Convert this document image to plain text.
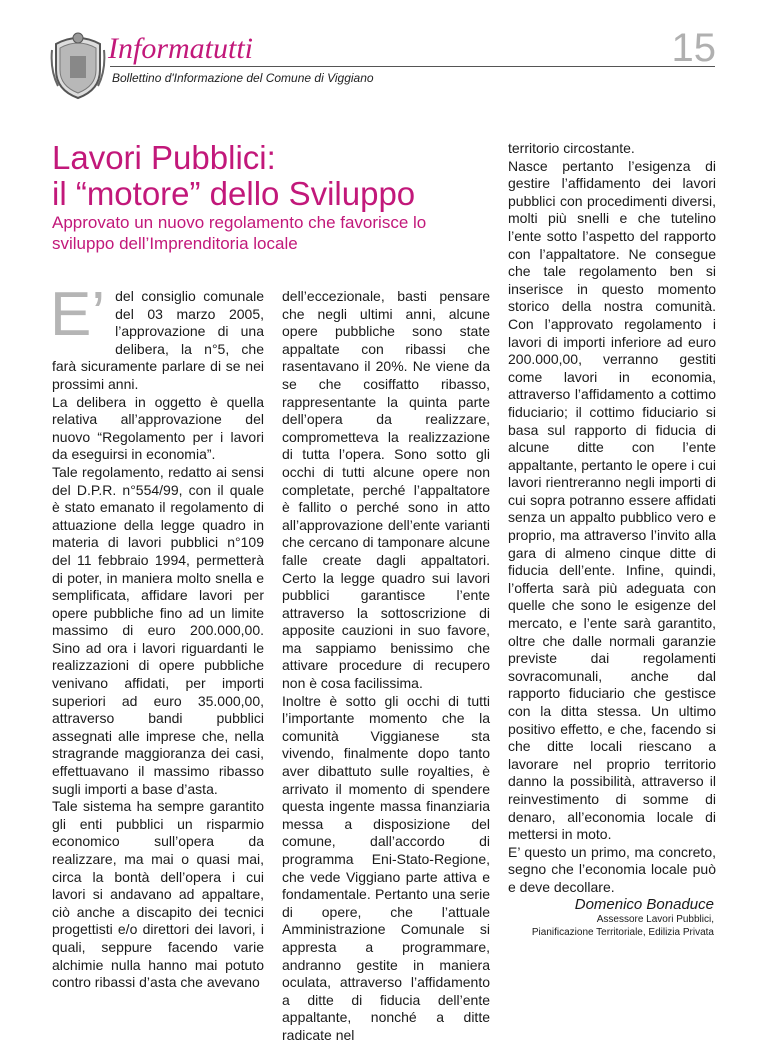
Informatutti
Bollettino d'Informazione del Comune di Viggiano
15
Lavori Pubblici:
il “motore” dello Sviluppo
Approvato un nuovo regolamento che favorisce lo sviluppo dell’Imprenditoria locale
E’ del consiglio comunale del 03 marzo 2005, l’approvazione di una delibera, la n°5, che farà sicuramente parlare di se nei prossimi anni.

La delibera in oggetto è quella relativa all’approvazione del nuovo “Regolamento per i lavori da eseguirsi in economia”.

Tale regolamento, redatto ai sensi del D.P.R. n°554/99, con il quale è stato emanato il regolamento di attuazione della legge quadro in materia di lavori pubblici n°109 del 11 febbraio 1994, permetterà di poter, in maniera molto snella e semplificata, affidare lavori per opere pubbliche fino ad un limite massimo di euro 200.000,00. Sino ad ora i lavori riguardanti le realizzazioni di opere pubbliche venivano affidati, per importi superiori ad euro 35.000,00, attraverso bandi pubblici assegnati alle imprese che, nella stragrande maggioranza dei casi, effettuavano il massimo ribasso sugli importi a base d’asta.

Tale sistema ha sempre garantito gli enti pubblici un risparmio economico sull’opera da realizzare, ma mai o quasi mai, circa la bontà dell’opera i cui lavori si andavano ad appaltare, ciò anche a discapito dei tecnici progettisti e/o direttori dei lavori, i quali, seppure facendo varie alchimie nulla hanno mai potuto contro ribassi d’asta che avevano

dell’eccezionale, basti pensare che negli ultimi anni, alcune opere pubbliche sono state appaltate con ribassi che rasentavano il 20%. Ne viene da se che cosiffatto ribasso, rappresentante la quinta parte dell’opera da realizzare, comprometteva la realizzazione di tutta l’opera. Sono sotto gli occhi di tutti alcune opere non completate, perché l’appaltatore è fallito o perché sono in atto all’approvazione dell’ente varianti che cercano di tamponare alcune falle create dagli appaltatori. Certo la legge quadro sui lavori pubblici garantisce l’ente attraverso la sottoscrizione di apposite cauzioni in suo favore, ma sappiamo benissimo che attivare procedure di recupero non è cosa facilissima.

Inoltre è sotto gli occhi di tutti l’importante momento che la comunità Viggianese sta vivendo, finalmente dopo tanto aver dibattuto sulle royalties, è arrivato il momento di spendere questa ingente massa finanziaria messa a disposizione del comune, dall’accordo di programma Eni-Stato-Regione, che vede Viggiano parte attiva e fondamentale. Pertanto una serie di opere, che l’attuale Amministrazione Comunale si appresta a programmare, andranno gestite in maniera oculata, attraverso l’affidamento a ditte di fiducia dell’ente appaltante, nonché a ditte radicate nel

territorio circostante.

Nasce pertanto l’esigenza di gestire l’affidamento dei lavori pubblici con procedimenti diversi, molti più snelli e che tutelino l’ente sotto l’aspetto del rapporto con l’appaltatore. Ne consegue che tale regolamento ben si inserisce in questo momento storico della nostra comunità. Con l’approvato regolamento i lavori di importi inferiore ad euro 200.000,00, verranno gestiti come lavori in economia, attraverso l’affidamento a cottimo fiduciario; il cottimo fiduciario si basa sul rapporto di fiducia di alcune ditte con l’ente appaltante, pertanto le opere i cui lavori rientreranno negli importi di cui sopra potranno essere affidati senza un appalto pubblico vero e proprio, ma attraverso l’invito alla gara di almeno cinque ditte di fiducia dell’ente. Infine, quindi, l’offerta sarà più adeguata con quelle che sono le esigenze del mercato, e l’ente sarà garantito, oltre che dalle normali garanzie previste dai regolamenti sovracomunali, anche dal rapporto fiduciario che gestisce con la ditta stessa. Un ultimo positivo effetto, e che, facendo si che ditte locali riescano a lavorare nel proprio territorio danno la possibilità, attraverso il reinvestimento di somme di denaro, all’economia locale di mettersi in moto.

E’ questo un primo, ma concreto, segno che l’economia locale può e deve decollare.

Domenico Bonaduce
Assessore Lavori Pubblici,
Pianificazione Territoriale, Edilizia Privata
